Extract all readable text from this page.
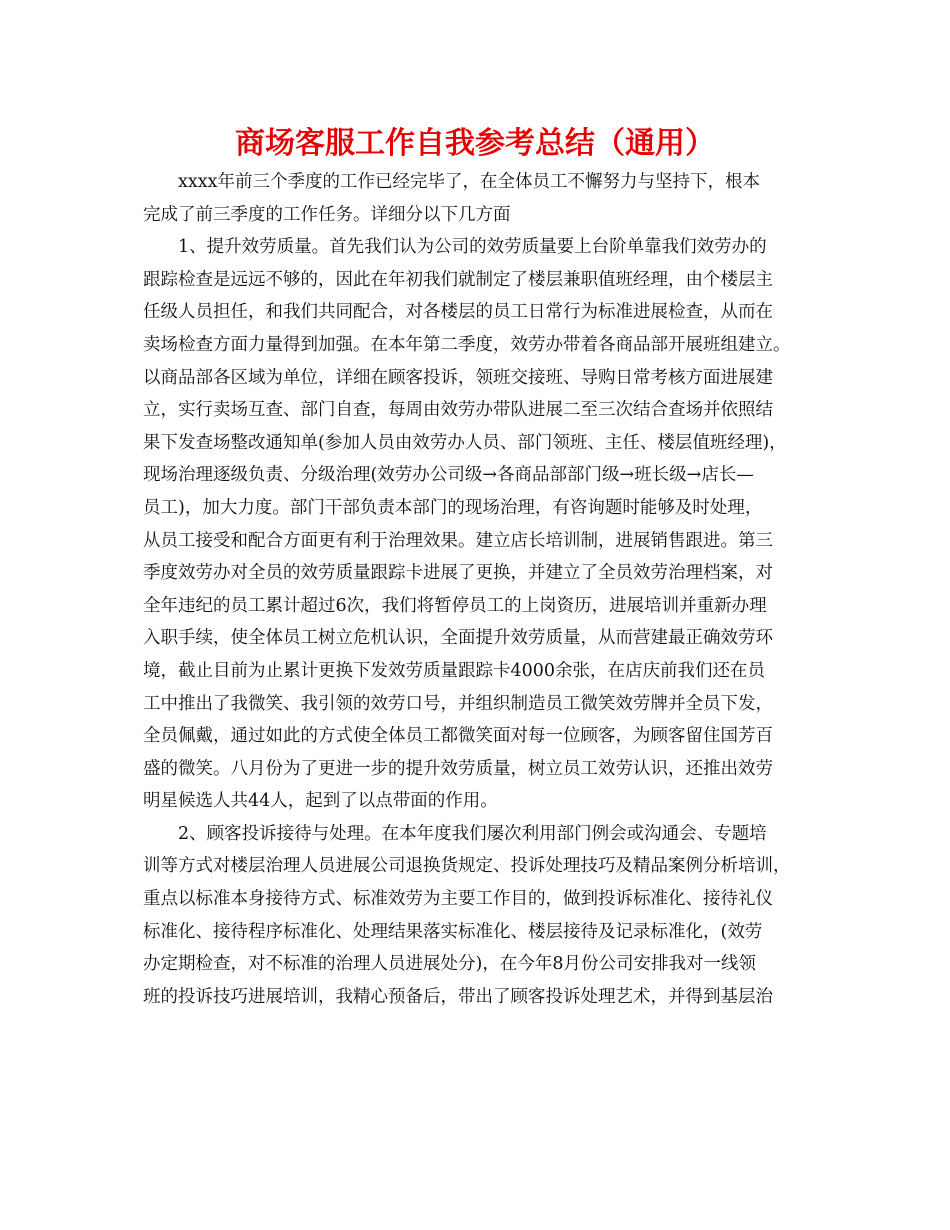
商场客服工作自我参考总结（通用）
xxxx年前三个季度的工作已经完毕了，在全体员工不懈努力与坚持下，根本
完成了前三季度的工作任务。详细分以下几方面
1、提升效劳质量。首先我们认为公司的效劳质量要上台阶单靠我们效劳办的
跟踪检查是远远不够的，因此在年初我们就制定了楼层兼职值班经理，由个楼层主
任级人员担任，和我们共同配合，对各楼层的员工日常行为标准进展检查，从而在
卖场检查方面力量得到加强。在本年第二季度，效劳办带着各商品部开展班组建立。
以商品部各区域为单位，详细在顾客投诉，领班交接班、导购日常考核方面进展建
立，实行卖场互查、部门自查，每周由效劳办带队进展二至三次结合查场并依照结
果下发查场整改通知单(参加人员由效劳办人员、部门领班、主任、楼层值班经理)，
现场治理逐级负责、分级治理(效劳办公司级→各商品部部门级→班长级→店长—
员工)，加大力度。部门干部负责本部门的现场治理，有咨询题时能够及时处理，
从员工接受和配合方面更有利于治理效果。建立店长培训制，进展销售跟进。第三
季度效劳办对全员的效劳质量跟踪卡进展了更换，并建立了全员效劳治理档案，对
全年违纪的员工累计超过6次，我们将暂停员工的上岗资历，进展培训并重新办理
入职手续，使全体员工树立危机认识，全面提升效劳质量，从而营建最正确效劳环
境，截止目前为止累计更换下发效劳质量跟踪卡4000余张，在店庆前我们还在员
工中推出了我微笑、我引领的效劳口号，并组织制造员工微笑效劳牌并全员下发，
全员佩戴，通过如此的方式使全体员工都微笑面对每一位顾客，为顾客留住国芳百
盛的微笑。八月份为了更进一步的提升效劳质量，树立员工效劳认识，还推出效劳
明星候选人共44人，起到了以点带面的作用。
2、顾客投诉接待与处理。在本年度我们屡次利用部门例会或沟通会、专题培
训等方式对楼层治理人员进展公司退换货规定、投诉处理技巧及精品案例分析培训，
重点以标准本身接待方式、标准效劳为主要工作目的，做到投诉标准化、接待礼仪
标准化、接待程序标准化、处理结果落实标准化、楼层接待及记录标准化，(效劳
办定期检查，对不标准的治理人员进展处分)，在今年8月份公司安排我对一线领
班的投诉技巧进展培训，我精心预备后，带出了顾客投诉处理艺术，并得到基层治
